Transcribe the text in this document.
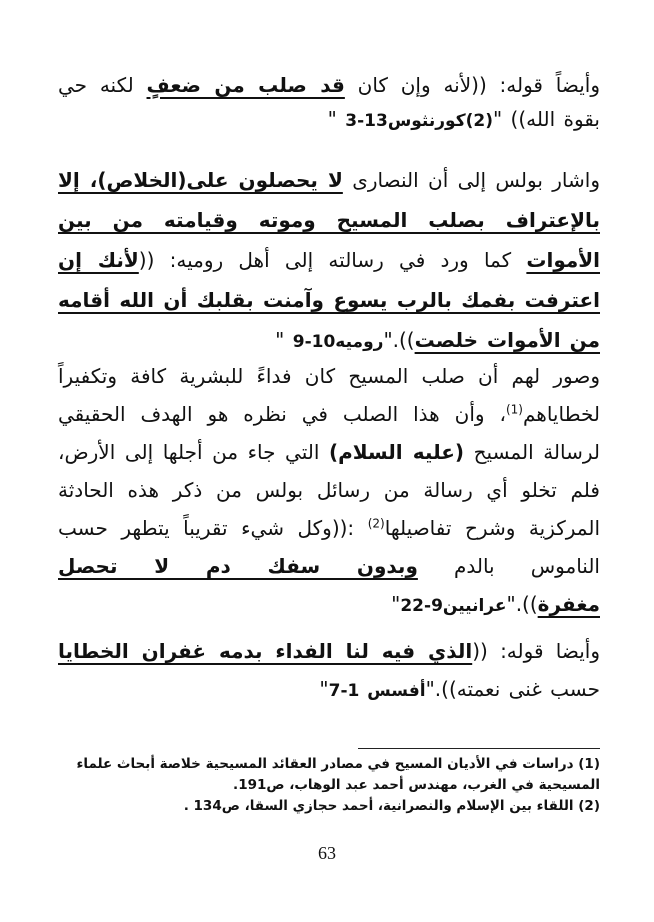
وأيضاً قوله: ((لأنه وإن كان قد صلب من ضعفٍ لكنه حي بقوة الله)) "(2)كورنثوس13-3 "

واشار بولس إلى أن النصارى لا يحصلون على(الخلاص)، إلا بالإعتراف بصلب المسيح وموته وقيامته من بين الأموات كما ورد في رسالته إلى أهل روميه: ((لأنك إن اعترفت بفمك بالرب يسوع وآمنت بقلبك أن الله أقامه من الأموات خلصت))."روميه10-9 "

وصور لهم أن صلب المسيح كان فداءً للبشرية كافة وتكفيراً لخطاياهم$^{(1)}$، وأن هذا الصلب في نظره هو الهدف الحقيقي لرسالة المسيح (عليه السلام) التي جاء من أجلها إلى الأرض، فلم تخلو أي رسالة من رسائل بولس من ذكر هذه الحادثة المركزية وشرح تفاصيلها$^{(2)}$ :((وكل شيء تقريباً يتطهر حسب الناموس بالدم وبدون سفك دم لا تحصل مغفرة))."عرانيين9-22"

وأيضا قوله: ((الذي فيه لنا الفداء بدمه غفران الخطايا حسب غنى نعمته))."أفسس 1-7"

(1) دراسات في الأديان المسيح في مصادر العقائد المسيحية خلاصة أبحاث علماء المسيحية في الغرب، مهندس أحمد عبد الوهاب، ص191.

(2) اللقاء بين الإسلام والنصرانية، أحمد حجازي السقا، ص134 .

63
